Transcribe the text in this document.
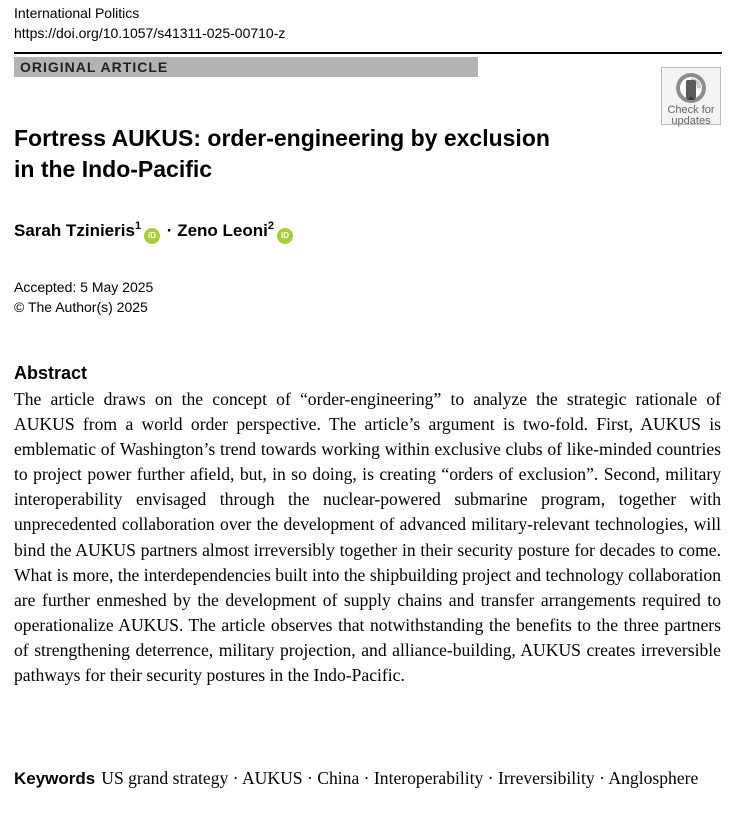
International Politics
https://doi.org/10.1057/s41311-025-00710-z
ORIGINAL ARTICLE
Check for updates
Fortress AUKUS: order-engineering by exclusion in the Indo-Pacific
Sarah Tzinieris$^1$iD · Zeno Leoni$^2$iD
Accepted: 5 May 2025
© The Author(s) 2025
Abstract

The article draws on the concept of “order-engineering” to analyze the strategic rationale of AUKUS from a world order perspective. The article’s argument is two-fold. First, AUKUS is emblematic of Washington’s trend towards working within exclusive clubs of like-minded countries to project power further afield, but, in so doing, is creating “orders of exclusion”. Second, military interoperability envisaged through the nuclear-powered submarine program, together with unprecedented collaboration over the development of advanced military-relevant technologies, will bind the AUKUS partners almost irreversibly together in their security posture for decades to come. What is more, the interdependencies built into the shipbuilding project and technology collaboration are further enmeshed by the development of supply chains and transfer arrangements required to operationalize AUKUS. The article observes that notwithstanding the benefits to the three partners of strengthening deterrence, military projection, and alliance-building, AUKUS creates irreversible pathways for their security postures in the Indo-Pacific.

Keywords US grand strategy · AUKUS · China · Interoperability · Irreversibility · Anglosphere
